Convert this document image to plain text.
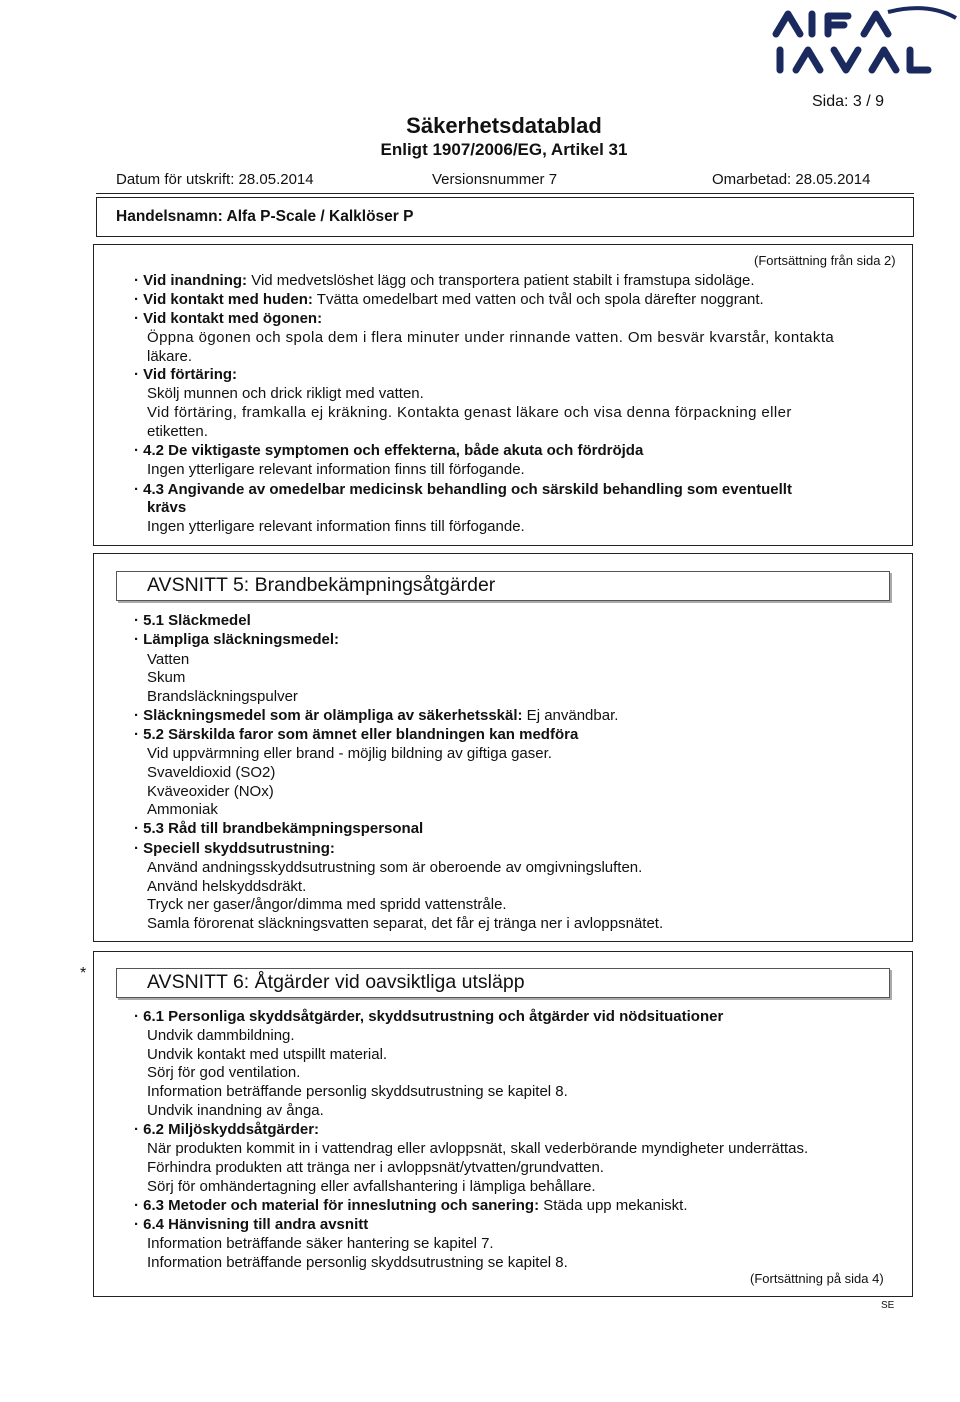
Sida: 3 / 9
Säkerhetsdatablad
Enligt 1907/2006/EG, Artikel 31
Datum för utskrift: 28.05.2014	Versionsnummer 7	Omarbetad: 28.05.2014
Handelsnamn: Alfa P-Scale / Kalklöser P
(Fortsättning från sida 2)
· Vid inandning: Vid medvetslöshet lägg och transportera patient stabilt i framstupa sidoläge.
· Vid kontakt med huden: Tvätta omedelbart med vatten och tvål och spola därefter noggrant.
· Vid kontakt med ögonen:
Öppna ögonen och spola dem i flera minuter under rinnande vatten. Om besvär kvarstår, kontakta
läkare.
· Vid förtäring:
Skölj munnen och drick rikligt med vatten.
Vid förtäring, framkalla ej kräkning. Kontakta genast läkare och visa denna förpackning eller
etiketten.
· 4.2 De viktigaste symptomen och effekterna, både akuta och fördröjda
Ingen ytterligare relevant information finns till förfogande.
· 4.3 Angivande av omedelbar medicinsk behandling och särskild behandling som eventuellt
krävs
Ingen ytterligare relevant information finns till förfogande.
AVSNITT 5: Brandbekämpningsåtgärder
· 5.1 Släckmedel
· Lämpliga släckningsmedel:
Vatten
Skum
Brandsläckningspulver
· Släckningsmedel som är olämpliga av säkerhetsskäl: Ej användbar.
· 5.2 Särskilda faror som ämnet eller blandningen kan medföra
Vid uppvärmning eller brand - möjlig bildning av giftiga gaser.
Svaveldioxid (SO2)
Kväveoxider (NOx)
Ammoniak
· 5.3 Råd till brandbekämpningspersonal
· Speciell skyddsutrustning:
Använd andningsskyddsutrustning som är oberoende av omgivningsluften.
Använd helskyddsdräkt.
Tryck ner gaser/ångor/dimma med spridd vattenstråle.
Samla förorenat släckningsvatten separat, det får ej tränga ner i avloppsnätet.
*	AVSNITT 6: Åtgärder vid oavsiktliga utsläpp
· 6.1 Personliga skyddsåtgärder, skyddsutrustning och åtgärder vid nödsituationer
Undvik dammbildning.
Undvik kontakt med utspillt material.
Sörj för god ventilation.
Information beträffande personlig skyddsutrustning se kapitel 8.
Undvik inandning av ånga.
· 6.2 Miljöskyddsåtgärder:
När produkten kommit in i vattendrag eller avloppsnät, skall vederbörande myndigheter underrättas.
Förhindra produkten att tränga ner i avloppsnät/ytvatten/grundvatten.
Sörj för omhändertagning eller avfallshantering i lämpliga behållare.
· 6.3 Metoder och material för inneslutning och sanering: Städa upp mekaniskt.
· 6.4 Hänvisning till andra avsnitt
Information beträffande säker hantering se kapitel 7.
Information beträffande personlig skyddsutrustning se kapitel 8.
(Fortsättning på sida 4)
SE
